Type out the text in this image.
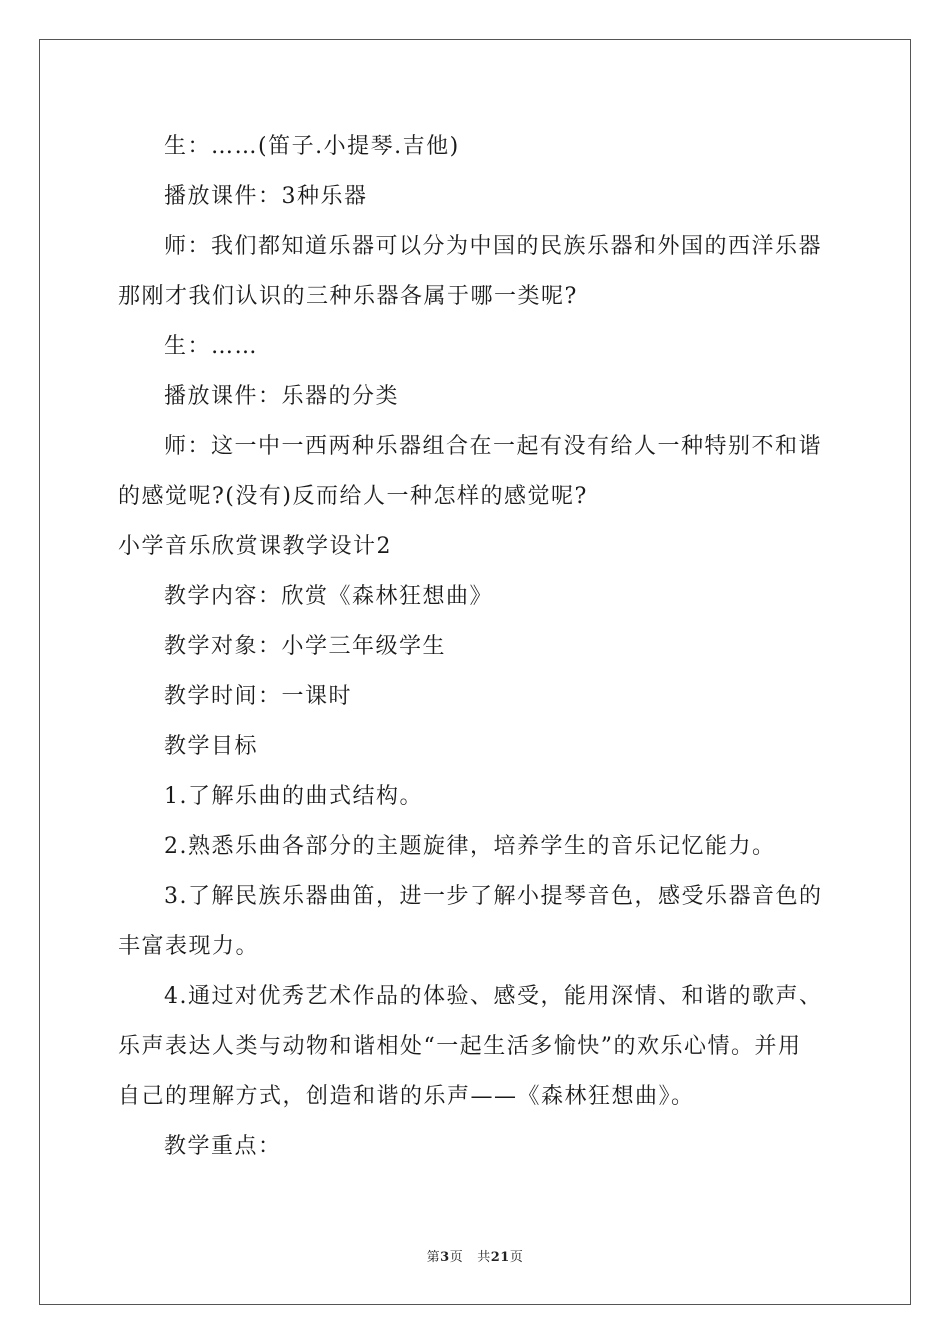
生：……(笛子.小提琴.吉他)

播放课件：3种乐器

师：我们都知道乐器可以分为中国的民族乐器和外国的西洋乐器

那刚才我们认识的三种乐器各属于哪一类呢?

生：……

播放课件：乐器的分类

师：这一中一西两种乐器组合在一起有没有给人一种特别不和谐

的感觉呢?(没有)反而给人一种怎样的感觉呢?

小学音乐欣赏课教学设计2

教学内容：欣赏《森林狂想曲》

教学对象：小学三年级学生

教学时间：一课时

教学目标

1.了解乐曲的曲式结构。

2.熟悉乐曲各部分的主题旋律，培养学生的音乐记忆能力。

3.了解民族乐器曲笛，进一步了解小提琴音色，感受乐器音色的

丰富表现力。

4.通过对优秀艺术作品的体验、感受，能用深情、和谐的歌声、

乐声表达人类与动物和谐相处“一起生活多愉快”的欢乐心情。并用

自己的理解方式，创造和谐的乐声——《森林狂想曲》。

教学重点：

第3页 共21页
